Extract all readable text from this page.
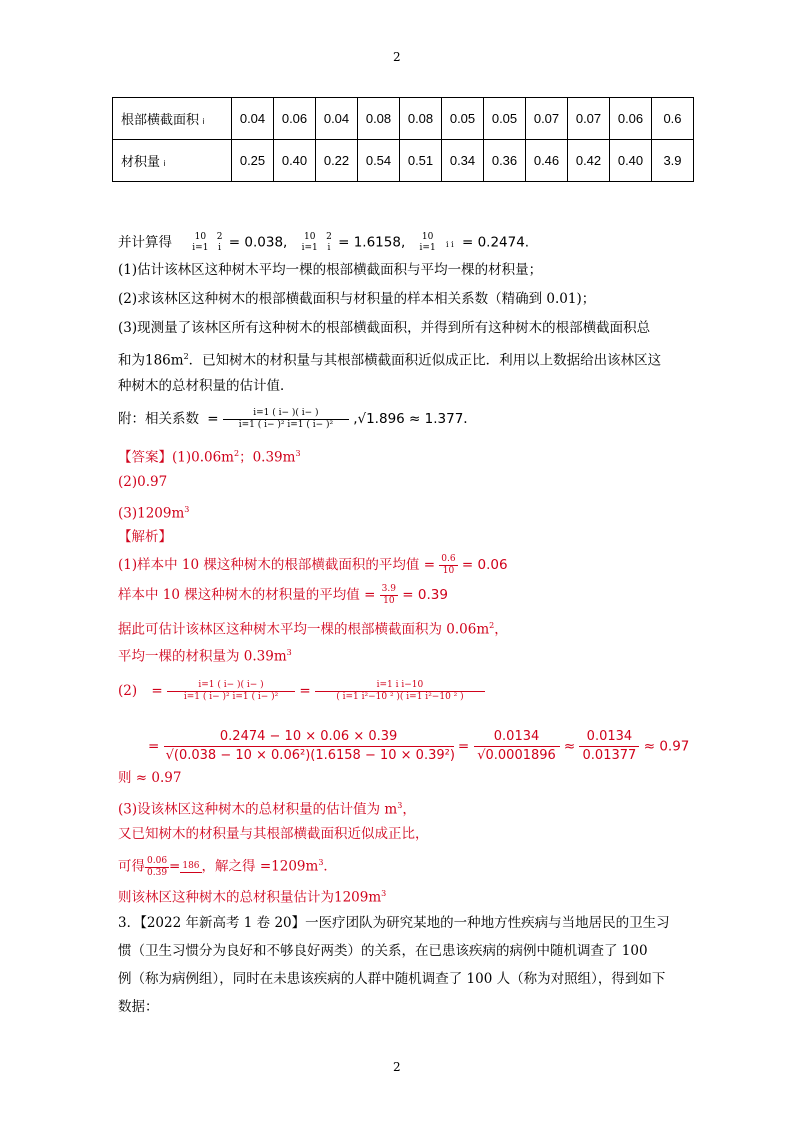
2
根部横截面积 i	0.04	0.06	0.04	0.08	0.08	0.05	0.05	0.07	0.07	0.06	0.6
材积量 i	0.25	0.40	0.22	0.54	0.51	0.34	0.36	0.46	0.42	0.40	3.9
并计算得	10
i=1

2
i = 0.038,	10
i=1

2
i = 1.6158,	10
i=1 i i = 0.2474.
(1)估计该林区这种树木平均一棵的根部横截面积与平均一棵的材积量；
(2)求该林区这种树木的根部横截面积与材积量的样本相关系数（精确到 0.01)；
(3)现测量了该林区所有这种树木的根部横截面积，并得到所有这种树木的根部横截面积总
和为$186m^2$．已知树木的材积量与其根部横截面积近似成正比．利用以上数据给出该林区这
种树木的总材积量的估计值．
附：相关系数 = $\frac{i=1 ( i- )( i- )}{\text{i=1 ( i− )² i=1 ( i− )²}} ,√1.896 \approx 1.377$.
【答案】$(1)0.06m^2$；$0.39m^3$
(2)0.97
$(3)1209m^3$
【解析】
(1)样本中 10 棵这种树木的根部横截面积的平均值 = $\frac{0.6}{10} = 0.06$
样本中 10 棵这种树木的材积量的平均值 = $\frac{3.9}{10} = 0.39$
据此可估计该林区这种树木平均一棵的根部横截面积为 $0.06m^2$，
平均一棵的材积量为 $0.39m^3$
$(2) = \frac{i=1 ( i- )( i- )}{\text{i=1 ( i− )² i=1 ( i− )²}} = \frac{\text{i=1 i i−10}}{\text{( i=1 i²−10 ² )( i=1 i²−10 ² )}}$
= $\frac{0.2474 - 10 \times 0.06 \times 0.39}{\text{√(0.038 − 10 × 0.06²)(1.6158 − 10 × 0.39²)}} = \frac{0.0134}{√0.0001896} \approx \frac{0.0134}{0.01377} \approx 0.97$
则 ≈ 0.97
(3)设该林区这种树木的总材积量的估计值为 $m^3$，
又已知树木的材积量与其根部横截面积近似成正比，
可得 $\frac{0.06}{0.39} = 186$ ，解之得 $=1209m^3$．
则该林区这种树木的总材积量估计为$1209m^3$
3．【2022 年新高考 1 卷 20】一医疗团队为研究某地的一种地方性疾病与当地居民的卫生习
惯（卫生习惯分为良好和不够良好两类）的关系，在已患该疾病的病例中随机调查了 100
例（称为病例组），同时在未患该疾病的人群中随机调查了 100 人（称为对照组），得到如下
数据：
2
